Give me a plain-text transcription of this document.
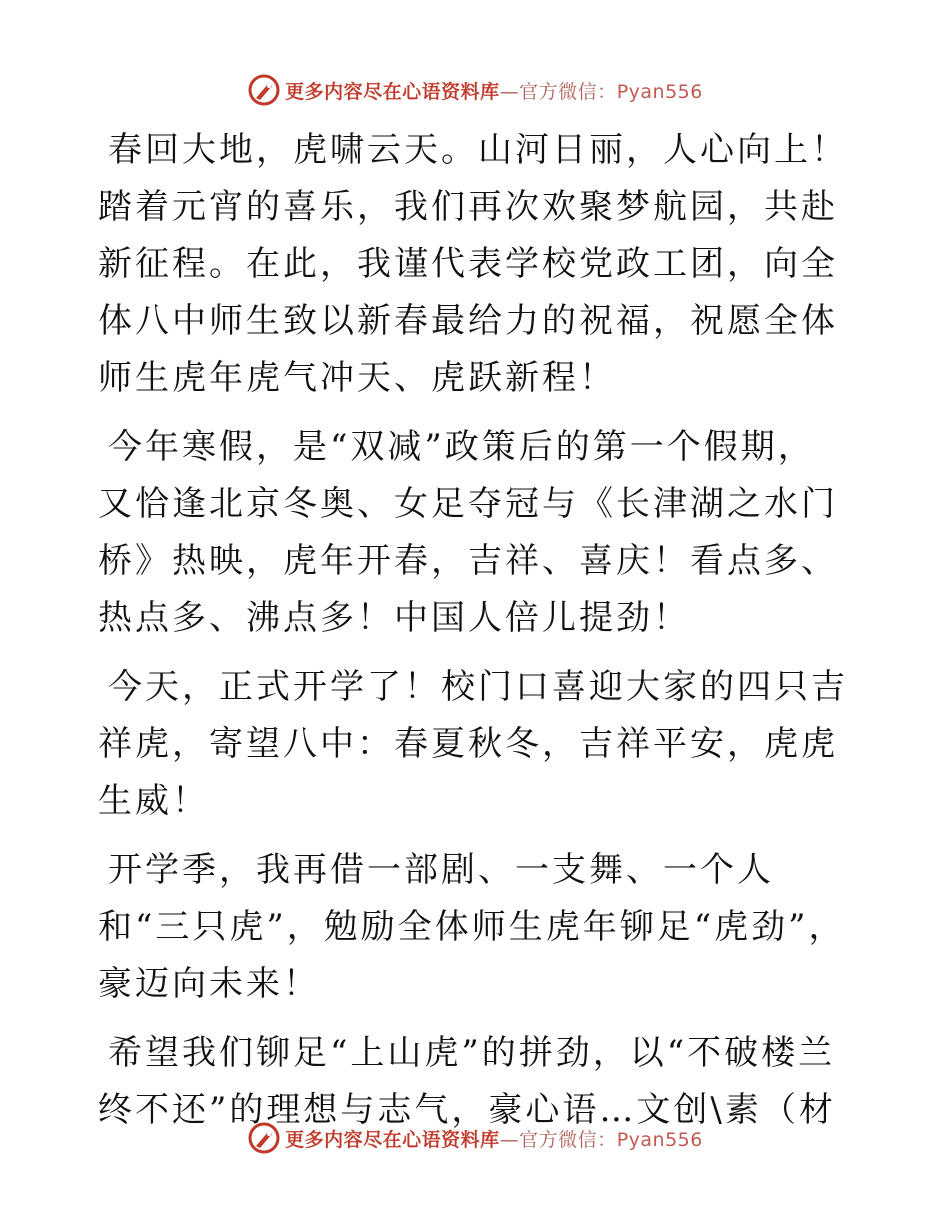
更多内容尽在心语资料库—官方微信：Pyan556

春回大地，虎啸云天。山河日丽，人心向上！踏着元宵的喜乐，我们再次欢聚梦航园，共赴新征程。在此，我谨代表学校党政工团，向全体八中师生致以新春最给力的祝福，祝愿全体师生虎年虎气冲天、虎跃新程！

今年寒假，是“双减”政策后的第一个假期，又恰逢北京冬奥、女足夺冠与《长津湖之水门桥》热映，虎年开春，吉祥、喜庆！看点多、热点多、沸点多！中国人倍儿提劲！

今天，正式开学了！校门口喜迎大家的四只吉祥虎，寄望八中：春夏秋冬，吉祥平安，虎虎生威！

开学季，我再借一部剧、一支舞、一个人和“三只虎”，勉励全体师生虎年铆足“虎劲”，豪迈向未来！

希望我们铆足“上山虎”的拼劲，以“不破楼兰终不还”的理想与志气，豪心语…文创\素（材

更多内容尽在心语资料库—官方微信：Pyan556
